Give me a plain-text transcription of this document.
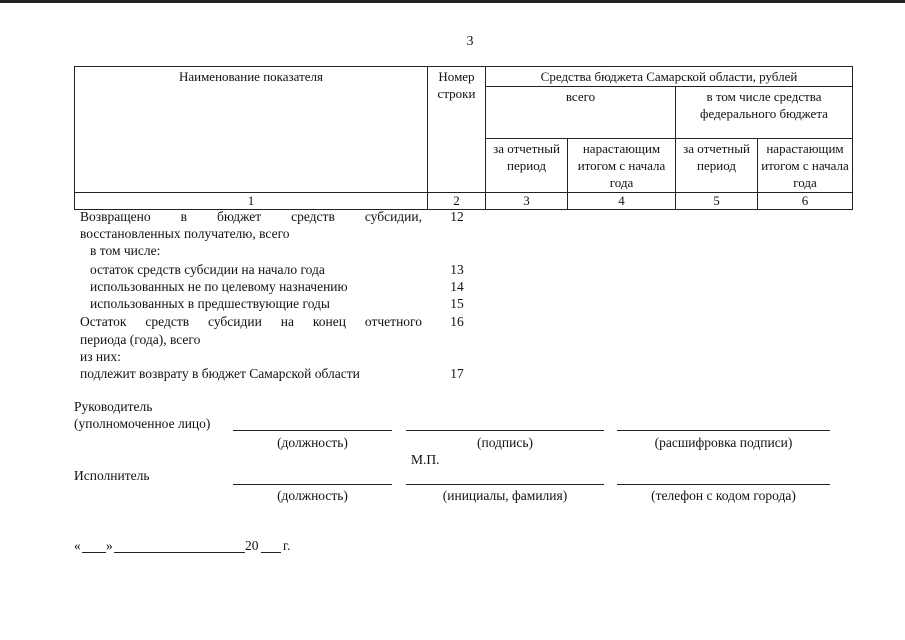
3
Наименование показателя	Номер строки	Средства бюджета Самарской области, рублей			
		всего		в том числе средства федерального бюджета	
		за отчетный период	нарастающим итогом с начала года	за отчетный период	нарастающим итогом с начала года
1	2	3	4	5	6
Возвращено в бюджет средств субсидии,	12
восстановленных получателю, всего
в том числе:
остаток средств субсидии на начало года	13
использованных не по целевому назначению	14
использованных в предшествующие годы	15
Остаток средств субсидии на конец отчетного	16
периода (года), всего
из них:
подлежит возврату в бюджет Самарской области	17
Руководитель
(уполномоченное лицо)
(должность)	(подпись)	(расшифровка подписи)
М.П.
Исполнитель
(должность)	(инициалы, фамилия)	(телефон с кодом города)
« »	20 г.
